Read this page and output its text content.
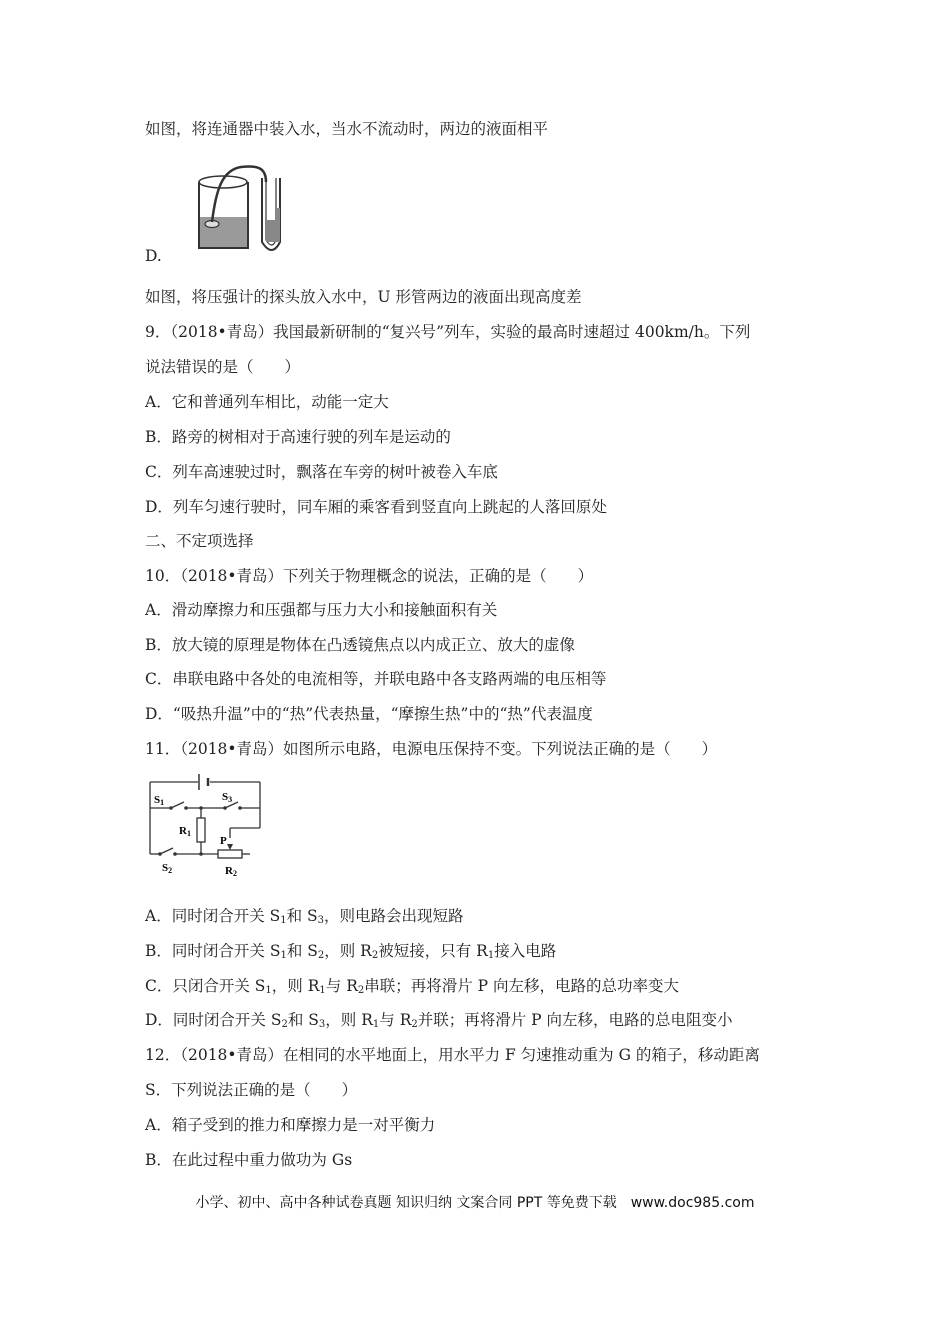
如图，将连通器中装入水，当水不流动时，两边的液面相平
D.
如图，将压强计的探头放入水中，U 形管两边的液面出现高度差
9．（2018•青岛）我国最新研制的“复兴号”列车，实验的最高时速超过 400km/h。下列
说法错误的是（　　）
A．它和普通列车相比，动能一定大
B．路旁的树相对于高速行驶的列车是运动的
C．列车高速驶过时，飘落在车旁的树叶被卷入车底
D．列车匀速行驶时，同车厢的乘客看到竖直向上跳起的人落回原处
二、不定项选择
10．（2018•青岛）下列关于物理概念的说法，正确的是（　　）
A．滑动摩擦力和压强都与压力大小和接触面积有关
B．放大镜的原理是物体在凸透镜焦点以内成正立、放大的虚像
C．串联电路中各处的电流相等，并联电路中各支路两端的电压相等
D．“吸热升温”中的“热”代表热量，“摩擦生热”中的“热”代表温度
11．（2018•青岛）如图所示电路，电源电压保持不变。下列说法正确的是（　　）
S1	S3
R1
P
S2	R2
A．同时闭合开关 $S_1$和 $S_3$，则电路会出现短路
B．同时闭合开关 $S_1$和 $S_2$，则 $R_2$被短接，只有 $R_1$接入电路
C．只闭合开关 $S_1$，则 $R_1$与 $R_2$串联；再将滑片 P 向左移，电路的总功率变大
D．同时闭合开关 $S_2$和 $S_3$，则 $R_1$与 $R_2$并联；再将滑片 P 向左移，电路的总电阻变小
12．（2018•青岛）在相同的水平地面上，用水平力 F 匀速推动重为 G 的箱子，移动距离
S．下列说法正确的是（　　）
A．箱子受到的推力和摩擦力是一对平衡力
B．在此过程中重力做功为 Gs
小学、初中、高中各种试卷真题 知识归纳 文案合同 PPT 等免费下载　www.doc985.com
